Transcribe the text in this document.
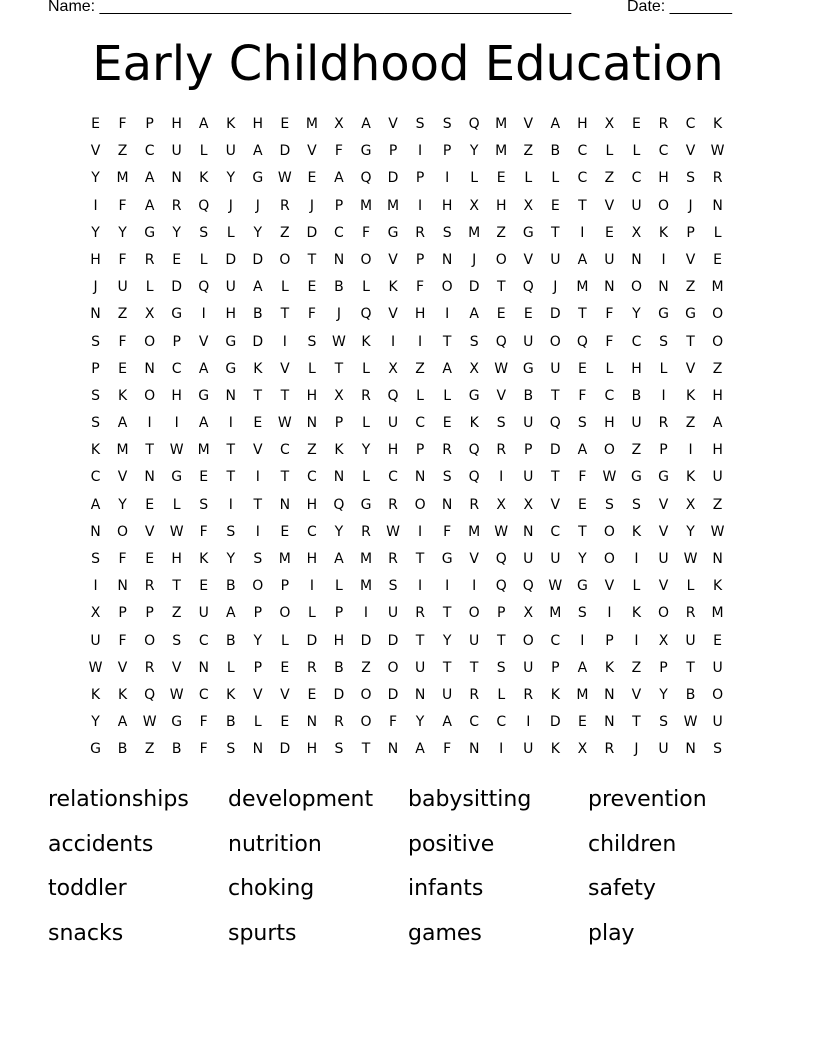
Name: _____________________________________________________	Date: _______
Early Childhood Education
E	F	P	H	A	K	H	E	M	X	A	V	S	S	Q	M	V	A	H	X	E	R	C	K
V	Z	C	U	L	U	A	D	V	F	G	P	I	P	Y	M	Z	B	C	L	L	C	V	W
Y	M	A	N	K	Y	G	W	E	A	Q	D	P	I	L	E	L	L	C	Z	C	H	S	R
I	F	A	R	Q	J	J	R	J	P	M	M	I	H	X	H	X	E	T	V	U	O	J	N
Y	Y	G	Y	S	L	Y	Z	D	C	F	G	R	S	M	Z	G	T	I	E	X	K	P	L
H	F	R	E	L	D	D	O	T	N	O	V	P	N	J	O	V	U	A	U	N	I	V	E
J	U	L	D	Q	U	A	L	E	B	L	K	F	O	D	T	Q	J	M	N	O	N	Z	M
N	Z	X	G	I	H	B	T	F	J	Q	V	H	I	A	E	E	D	T	F	Y	G	G	O
S	F	O	P	V	G	D	I	S	W	K	I	I	T	S	Q	U	O	Q	F	C	S	T	O
P	E	N	C	A	G	K	V	L	T	L	X	Z	A	X	W	G	U	E	L	H	L	V	Z
S	K	O	H	G	N	T	T	H	X	R	Q	L	L	G	V	B	T	F	C	B	I	K	H
S	A	I	I	A	I	E	W	N	P	L	U	C	E	K	S	U	Q	S	H	U	R	Z	A
K	M	T	W	M	T	V	C	Z	K	Y	H	P	R	Q	R	P	D	A	O	Z	P	I	H
C	V	N	G	E	T	I	T	C	N	L	C	N	S	Q	I	U	T	F	W	G	G	K	U
A	Y	E	L	S	I	T	N	H	Q	G	R	O	N	R	X	X	V	E	S	S	V	X	Z
N	O	V	W	F	S	I	E	C	Y	R	W	I	F	M	W	N	C	T	O	K	V	Y	W
S	F	E	H	K	Y	S	M	H	A	M	R	T	G	V	Q	U	U	Y	O	I	U	W	N
I	N	R	T	E	B	O	P	I	L	M	S	I	I	I	Q	Q	W	G	V	L	V	L	K
X	P	P	Z	U	A	P	O	L	P	I	U	R	T	O	P	X	M	S	I	K	O	R	M
U	F	O	S	C	B	Y	L	D	H	D	D	T	Y	U	T	O	C	I	P	I	X	U	E
W	V	R	V	N	L	P	E	R	B	Z	O	U	T	T	S	U	P	A	K	Z	P	T	U
K	K	Q	W	C	K	V	V	E	D	O	D	N	U	R	L	R	K	M	N	V	Y	B	O
Y	A	W	G	F	B	L	E	N	R	O	F	Y	A	C	C	I	D	E	N	T	S	W	U
G	B	Z	B	F	S	N	D	H	S	T	N	A	F	N	I	U	K	X	R	J	U	N	S
relationships	development	babysitting	prevention
accidents	nutrition	positive	children
toddler	choking	infants	safety
snacks	spurts	games	play
